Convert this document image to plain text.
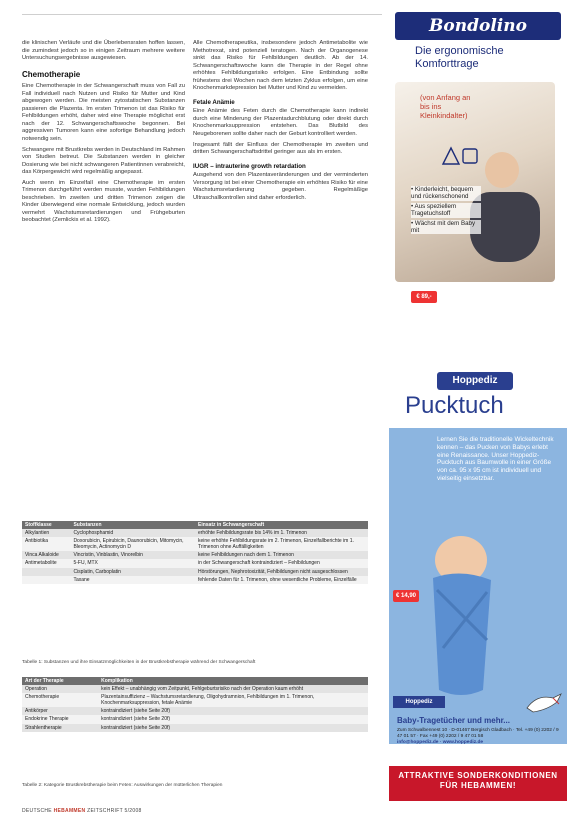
die klinischen Verläufe und die Überlebensraten hoffen lassen, die zumindest jedoch so in einigen Zeitraum mehrere weitere Untersuchungsergebnisse ausgewiesen.

Chemotherapie

Eine Chemotherapie in der Schwangerschaft muss von Fall zu Fall individuell nach Nutzen und Risiko für Mutter und Kind abgewogen werden. Die meisten zytostatischen Substanzen passieren die Plazenta. Im ersten Trimenon ist das Risiko für Fehlbildungen erhöht, daher wird eine Therapie möglichst erst nach der 12. Schwangerschaftswoche begonnen. Bei aggressiven Tumoren kann eine sofortige Behandlung jedoch notwendig sein.

Schwangere mit Brustkrebs werden in Deutschland im Rahmen von Studien betreut. Die Substanzen werden in gleicher Dosierung wie bei nicht schwangeren Patientinnen verabreicht, das Körpergewicht wird regelmäßig angepasst.

Auch wenn im Einzelfall eine Chemotherapie im ersten Trimenon durchgeführt werden musste, wurden Fehlbildungen beschrieben. Im zweiten und dritten Trimenon zeigen die Kinder überwiegend eine normale Entwicklung, jedoch wurden vermehrt Wachstumsretardierungen und Frühgeburten beobachtet (Zemlickis et al. 1992).

Alle Chemotherapeutika, insbesondere jedoch Antimetabolite wie Methotrexat, sind potenziell teratogen. Nach der Organogenese sinkt das Risiko für Fehlbildungen deutlich. Ab der 14. Schwangerschaftswoche kann die Therapie in der Regel ohne erhöhtes Fehlbildungsrisiko erfolgen. Eine Entbindung sollte frühestens drei Wochen nach dem letzten Zyklus erfolgen, um eine Knochenmarkdepression bei Mutter und Kind zu vermeiden.

Fetale Anämie

Eine Anämie des Feten durch die Chemotherapie kann indirekt durch eine Minderung der Plazentadurchblutung oder direkt durch Knochenmarksuppression entstehen. Das Blutbild des Neugeborenen sollte daher nach der Geburt kontrolliert werden.

Insgesamt fällt der Einfluss der Chemotherapie im zweiten und dritten Schwangerschaftsdrittel geringer aus als im ersten.

IUGR – intrauterine growth retardation

Ausgehend von den Plazentaveränderungen und der verminderten Versorgung ist bei einer Chemotherapie ein erhöhtes Risiko für eine Wachstumsretardierung gegeben. Regelmäßige Ultraschallkontrollen sind daher erforderlich.

Stoffklasse	Substanzen	Einsatz in Schwangerschaft
Alkylantien	Cyclophosphamid	erhöhte Fehlbildungsrate bis 14% im 1. Trimenon
Antibiotika	Doxorubicin, Epirubicin, Daunorubicin, Mitomycin, Bleomycin, Actinomycin D	keine erhöhte Fehlbildungsrate im 2. Trimenon, Einzelfallberichte im 1. Trimenon ohne Auffälligkeiten
Vinca Alkaloide	Vincristin, Vinblastin, Vinorelbin	keine Fehlbildungen nach dem 1. Trimenon
Antimetabolite	5-FU, MTX	in der Schwangerschaft kontraindiziert – Fehlbildungen
	Cisplatin, Carboplatin	Hörstörungen, Nephrotoxizität, Fehlbildungen nicht ausgeschlossen
	Taxane	fehlende Daten für 1. Trimenon, ohne wesentliche Probleme, Einzelfälle
Tabelle 1: Substanzen und ihre Einsatzmöglichkeiten in der Brustkrebstherapie während der Schwangerschaft
Art der Therapie	Komplikation
Operation	kein Effekt – unabhängig vom Zeitpunkt, Fehlgeburtsrisiko nach der Operation kaum erhöht
Chemotherapie	Plazentainsuffizienz – Wachstumsretardierung, Oligohydramnion, Fehlbildungen im 1. Trimenon, Knochenmarksuppression, fetale Anämie
Antikörper	kontraindiziert (siehe Seite 20f)
Endokrine Therapie	kontraindiziert (siehe Seite 20f)
Strahlentherapie	kontraindiziert (siehe Seite 20f)
Tabelle 2: Kategorie Brustkrebstherapie beim Feten: Auswirkungen der mütterlichen Therapien
DEUTSCHE HEBAMMEN ZEITSCHRIFT 5/2008
Bondolino
Die ergonomische Komforttrage
• Kinderleicht, bequem und rückenschonend
• Aus speziellem Tragetuchstoff
• Wächst mit dem Baby mit
€ 89,-
(von Anfang an bis ins Kleinkindalter)
Hoppediz
Pucktuch
Lernen Sie die traditionelle Wickeltechnik kennen – das Pucken von Babys erlebt eine Renaissance. Unser Hoppediz-Pucktuch aus Baumwolle in einer Größe von ca. 95 x 95 cm ist individuell und vielseitig einsetzbar.
€ 14,90
Hoppediz
Baby-Tragetücher und mehr...
Zum Schwalbennest 10 · D-01467 Bergisch Gladbach · Tel. +49 (0) 2202 / 9 47 01 57 · Fax +49 (0) 2202 / 9 47 01 58
info@hoppediz.de · www.hoppediz.de
ATTRAKTIVE SONDERKONDITIONEN FÜR HEBAMMEN!
